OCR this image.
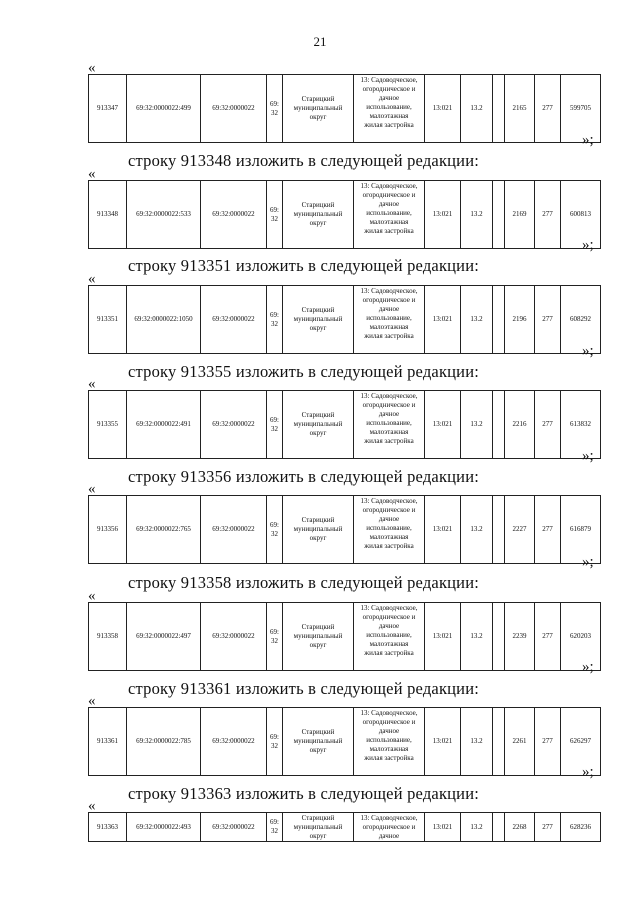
21
«
913347	69:32:0000022:499	69:32:0000022	69:
32	Старицкий
муниципальный
округ	13: Садоводческое,
огородническое и
дачное
использование,
малоэтажная
жилая застройка	13:021	13.2		2165	277	599705
»;
строку 913348 изложить в следующей редакции:
«
913348	69:32:0000022:533	69:32:0000022	69:
32	Старицкий
муниципальный
округ	13: Садоводческое,
огородническое и
дачное
использование,
малоэтажная
жилая застройка	13:021	13.2		2169	277	600813
»;
строку 913351 изложить в следующей редакции:
«
913351	69:32:0000022:1050	69:32:0000022	69:
32	Старицкий
муниципальный
округ	13: Садоводческое,
огородническое и
дачное
использование,
малоэтажная
жилая застройка	13:021	13.2		2196	277	608292
»;
строку 913355 изложить в следующей редакции:
«
913355	69:32:0000022:491	69:32:0000022	69:
32	Старицкий
муниципальный
округ	13: Садоводческое,
огородническое и
дачное
использование,
малоэтажная
жилая застройка	13:021	13.2		2216	277	613832
»;
строку 913356 изложить в следующей редакции:
«
913356	69:32:0000022:765	69:32:0000022	69:
32	Старицкий
муниципальный
округ	13: Садоводческое,
огородническое и
дачное
использование,
малоэтажная
жилая застройка	13:021	13.2		2227	277	616879
»;
строку 913358 изложить в следующей редакции:
«
913358	69:32:0000022:497	69:32:0000022	69:
32	Старицкий
муниципальный
округ	13: Садоводческое,
огородническое и
дачное
использование,
малоэтажная
жилая застройка	13:021	13.2		2239	277	620203
»;
строку 913361 изложить в следующей редакции:
«
913361	69:32:0000022:785	69:32:0000022	69:
32	Старицкий
муниципальный
округ	13: Садоводческое,
огородническое и
дачное
использование,
малоэтажная
жилая застройка	13:021	13.2		2261	277	626297
»;
строку 913363 изложить в следующей редакции:
«
913363	69:32:0000022:493	69:32:0000022	69:
32	Старицкий
муниципальный
округ	13: Садоводческое,
огородническое и
дачное	13:021	13.2		2268	277	628236
